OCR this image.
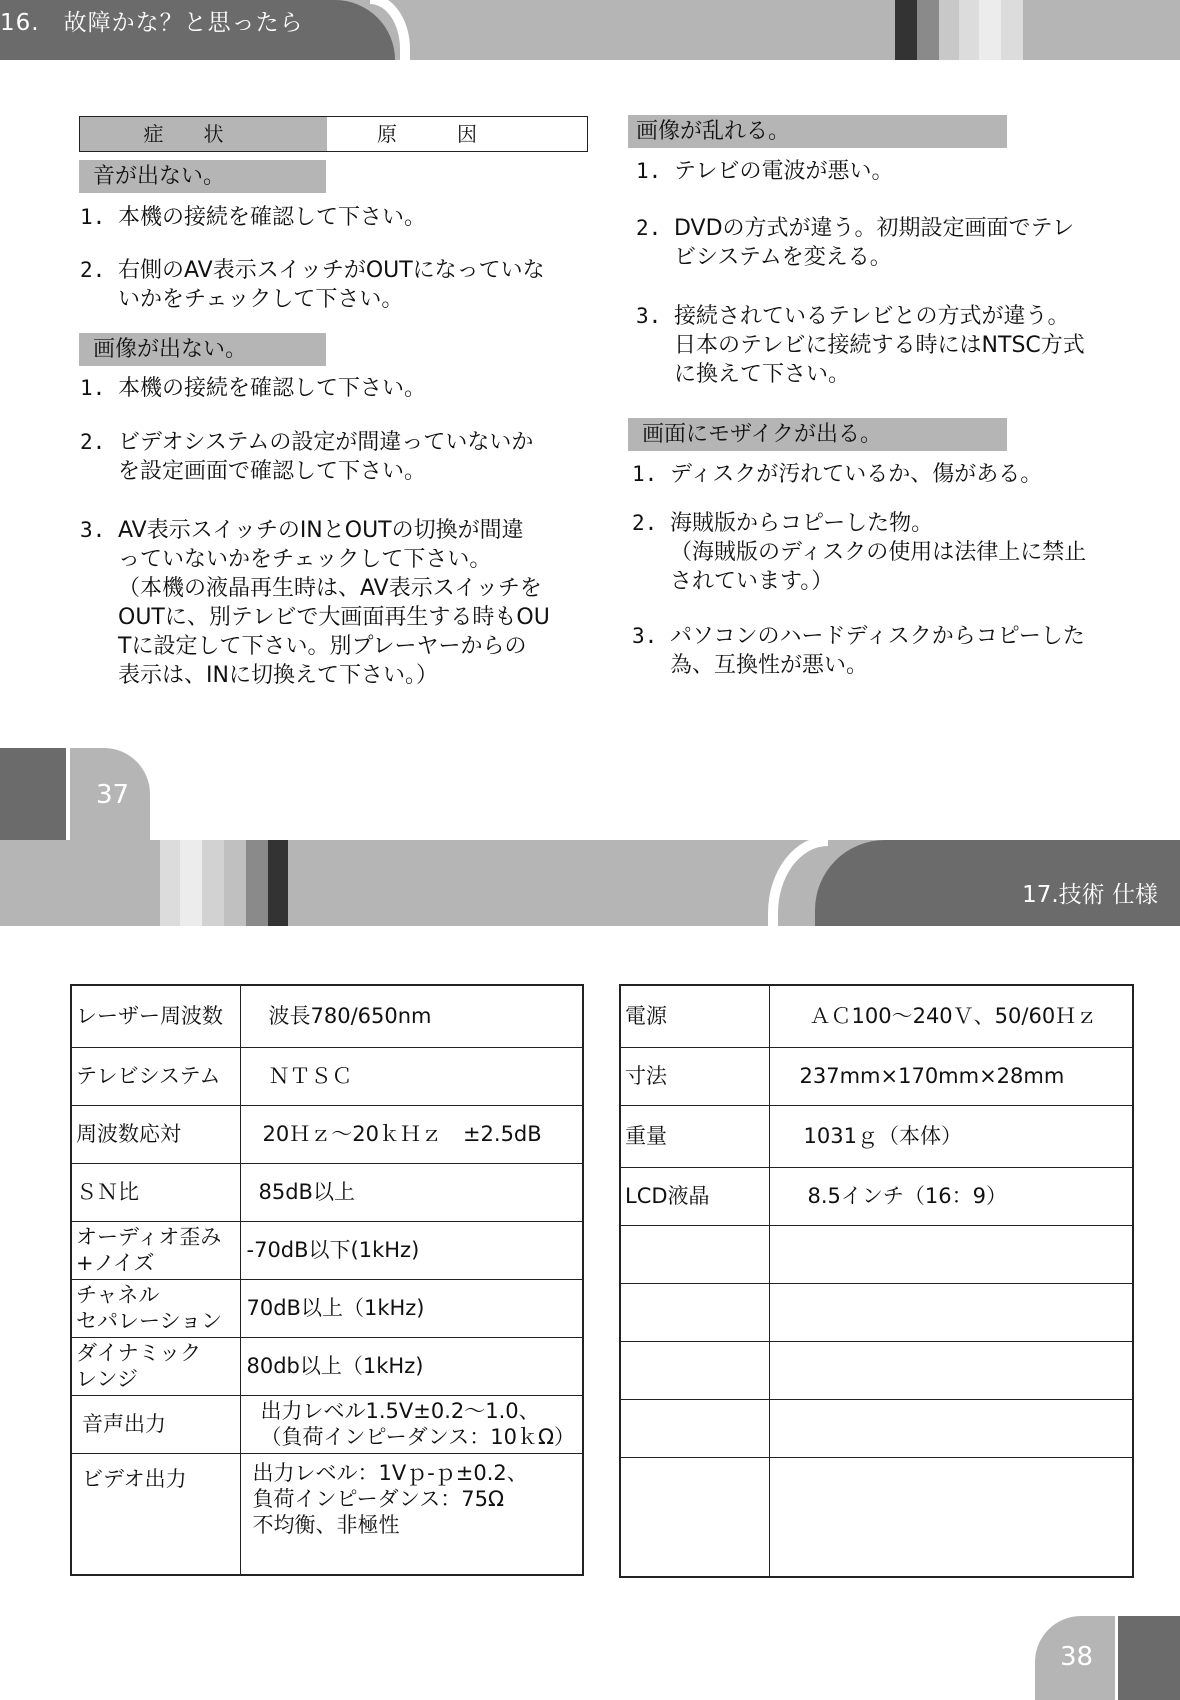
16.　故障かな？と思ったら
症状	原因
音が出ない。
1. 本機の接続を確認して下さい。
2. 右側のAV表示スイッチがOUTになっていな
いかをチェックして下さい。
画像が出ない。
1. 本機の接続を確認して下さい。
2. ビデオシステムの設定が間違っていないか
を設定画面で確認して下さい。
3. AV表示スイッチのINとOUTの切換が間違
っていないかをチェックして下さい。
（本機の液晶再生時は、AV表示スイッチを
OUTに、別テレビで大画面再生する時もOU
Tに設定して下さい。別プレーヤーからの
表示は、INに切換えて下さい。）
画像が乱れる。
1. テレビの電波が悪い。
2. DVDの方式が違う。初期設定画面でテレ
ビシステムを変える。
3. 接続されているテレビとの方式が違う。
日本のテレビに接続する時にはNTSC方式
に換えて下さい。
画面にモザイクが出る。
1. ディスクが汚れているか、傷がある。
2. 海賊版からコピーした物。
（海賊版のディスクの使用は法律上に禁止
されています。）
3. パソコンのハードディスクからコピーした
為、互換性が悪い。
37
17.技術 仕様
レーザー周波数	波長780/650nm

テレビシステム	ＮＴＳＣ

周波数応対	20Ｈｚ～20ｋＨｚ　±2.5dB

ＳＮ比	85dB以上

オーディオ歪み
+ノイズ	-70dB以下(1kHz)

チャネル
セパレーション	70dB以上（1kHz)

ダイナミック
レンジ	80db以上（1kHz)

音声出力	出力レベル1.5V±0.2～1.0、
（負荷インピーダンス：10ｋΩ）

ビデオ出力	出力レベル：1Vｐ-ｐ±0.2、
負荷インピーダンス：75Ω
不均衡、非極性
電源	ＡＣ100～240Ｖ、50/60Ｈｚ

寸法	237mm×170mm×28mm

重量	1031ｇ（本体）

LCD液晶	8.5インチ（16：9）

38
